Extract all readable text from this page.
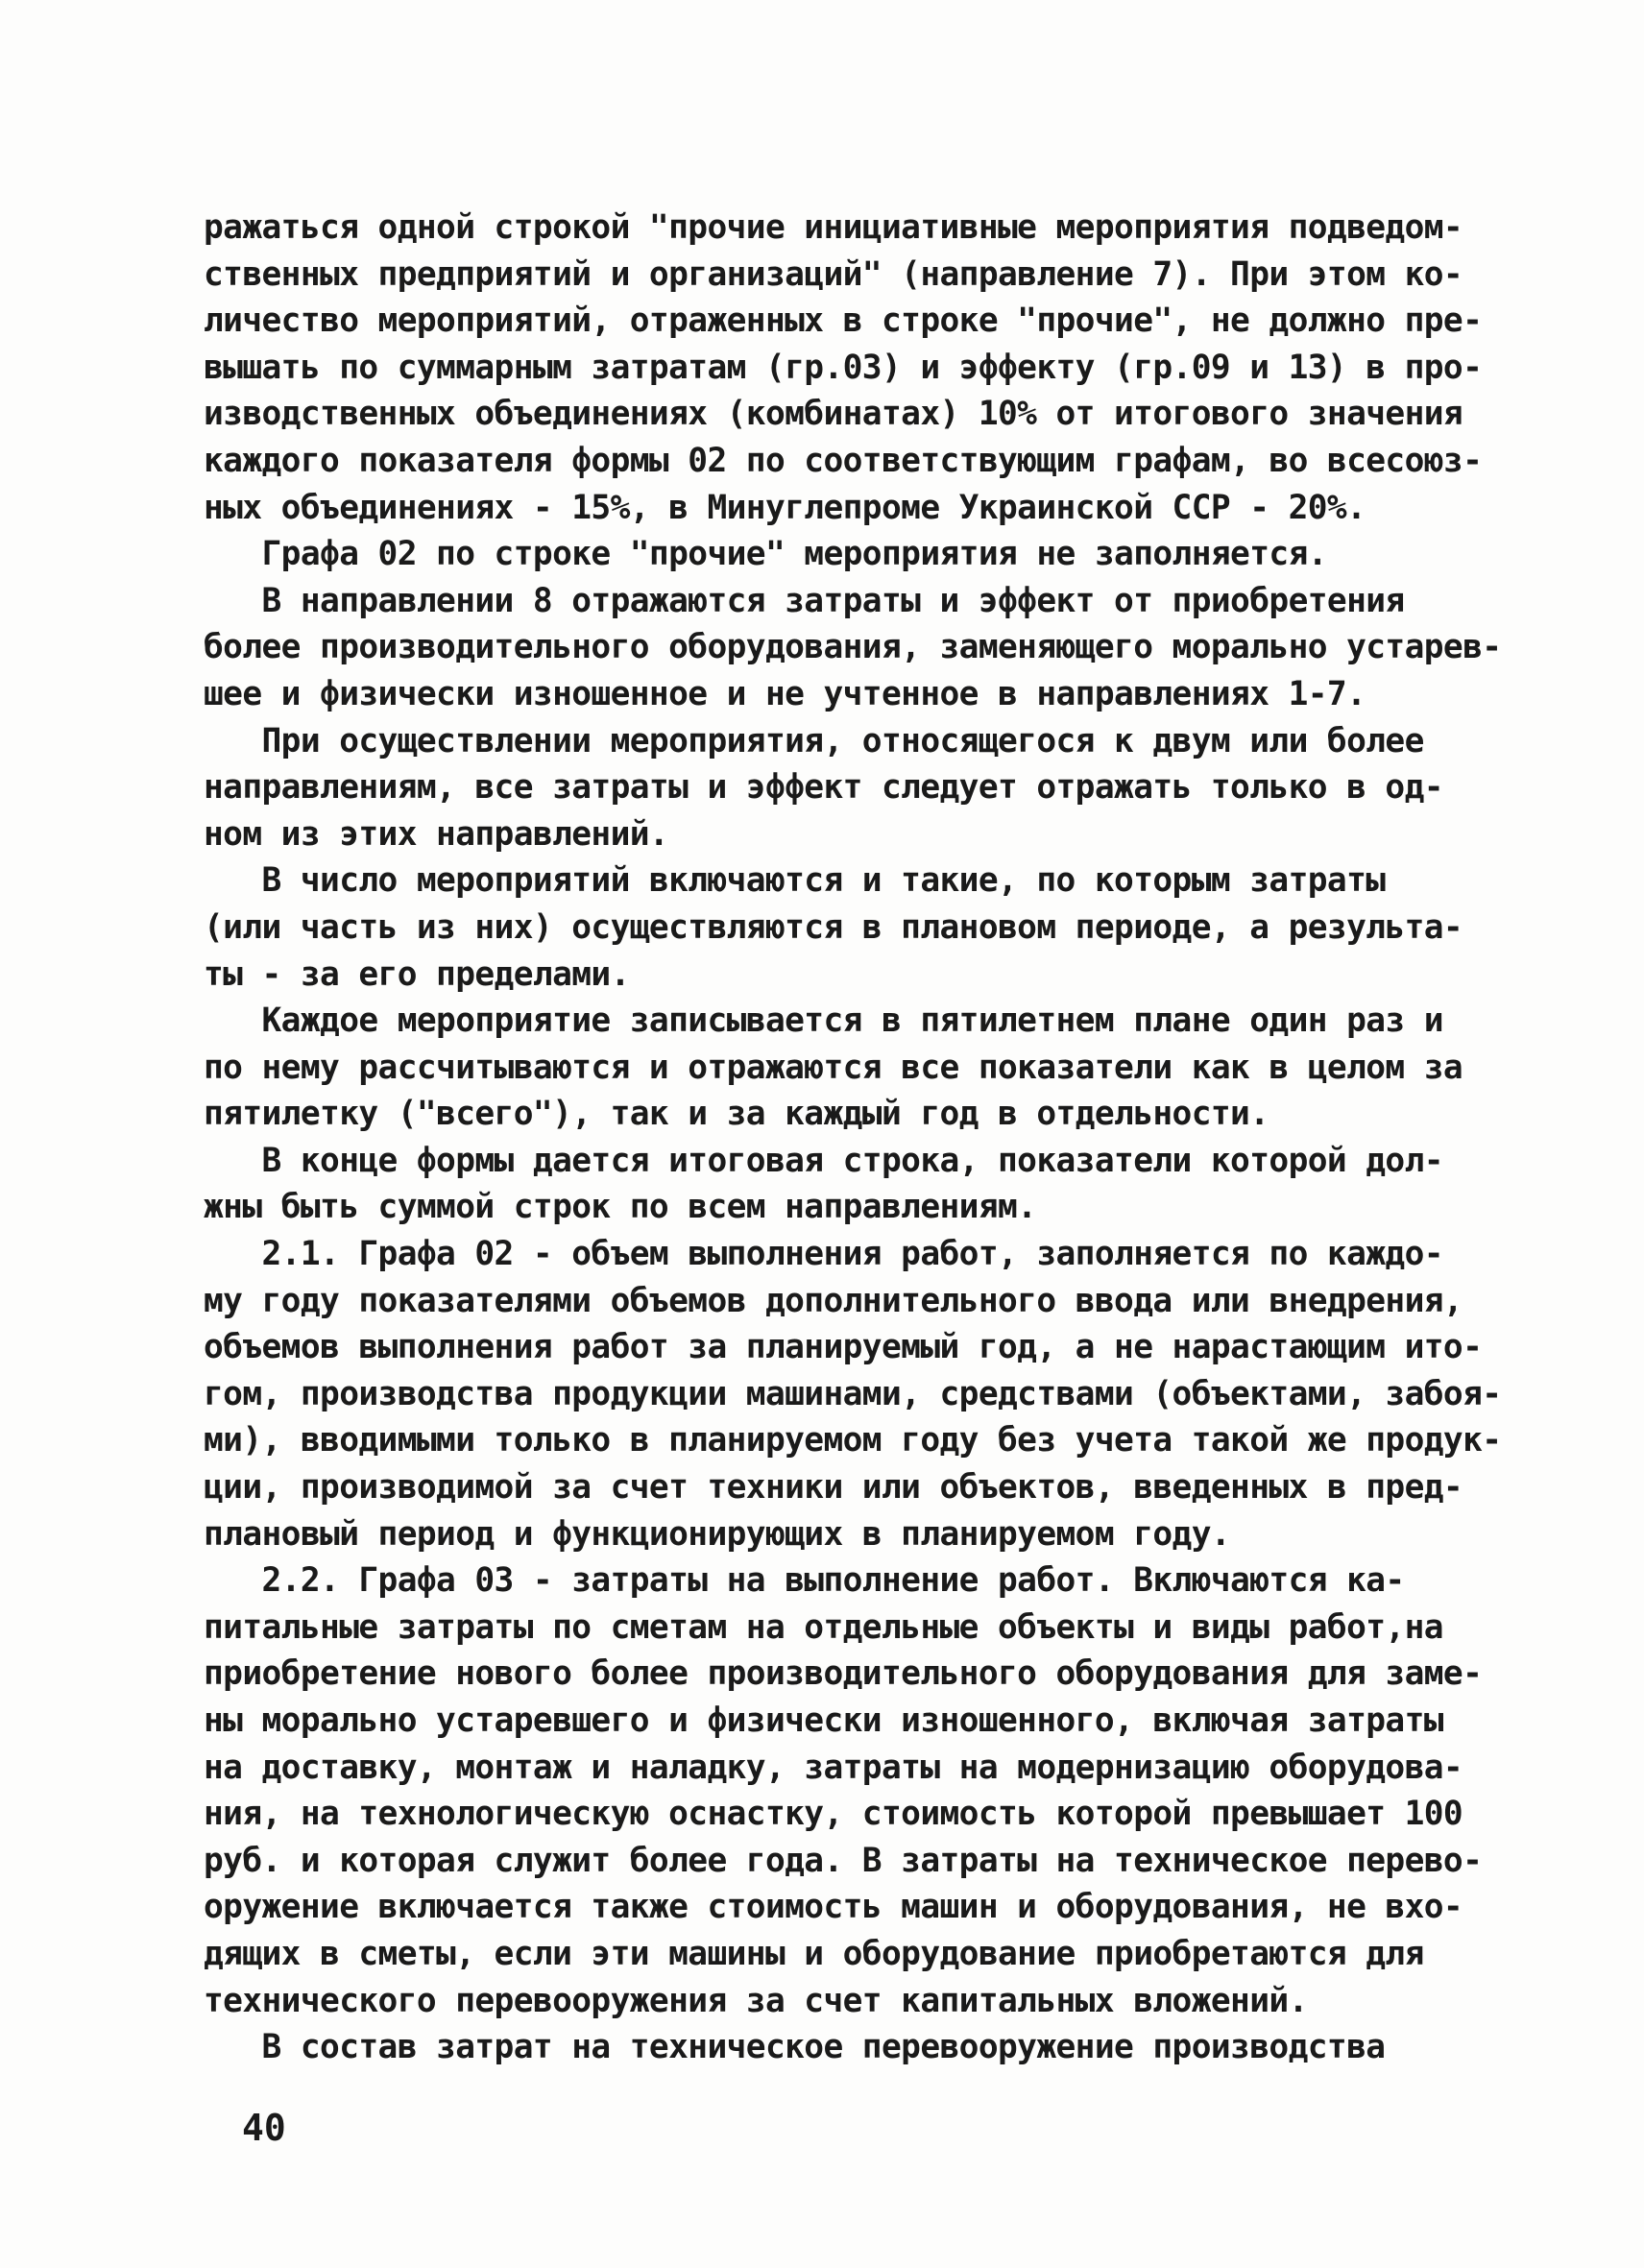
ражаться одной строкой "прочие инициативные мероприятия подведом-
ственных предприятий и организаций" (направление 7). При этом ко-
личество мероприятий, отраженных в строке "прочие", не должно пре-
вышать по суммарным затратам (гр.03) и эффекту (гр.09 и 13) в про-
изводственных объединениях (комбинатах) 10% от итогового значения
каждого показателя формы 02 по соответствующим графам, во всесоюз-
ных объединениях - 15%, в Минуглепроме Украинской ССР - 20%.
Графа 02 по строке "прочие" мероприятия не заполняется.
В направлении 8 отражаются затраты и эффект от приобретения
более производительного оборудования, заменяющего морально устарев-
шее и физически изношенное и не учтенное в направлениях 1-7.
При осуществлении мероприятия, относящегося к двум или более
направлениям, все затраты и эффект следует отражать только в од-
ном из этих направлений.
В число мероприятий включаются и такие, по которым затраты
(или часть из них) осуществляются в плановом периоде, а результа-
ты - за его пределами.
Каждое мероприятие записывается в пятилетнем плане один раз и
по нему рассчитываются и отражаются все показатели как в целом за
пятилетку ("всего"), так и за каждый год в отдельности.
В конце формы дается итоговая строка, показатели которой дол-
жны быть суммой строк по всем направлениям.
2.1. Графа 02 - объем выполнения работ, заполняется по каждо-
му году показателями объемов дополнительного ввода или внедрения,
объемов выполнения работ за планируемый год, а не нарастающим ито-
гом, производства продукции машинами, средствами (объектами, забоя-
ми), вводимыми только в планируемом году без учета такой же продук-
ции, производимой за счет техники или объектов, введенных в пред-
плановый период и функционирующих в планируемом году.
2.2. Графа 03 - затраты на выполнение работ. Включаются ка-
питальные затраты по сметам на отдельные объекты и виды работ,на
приобретение нового более производительного оборудования для заме-
ны морально устаревшего и физически изношенного, включая затраты
на доставку, монтаж и наладку, затраты на модернизацию оборудова-
ния, на технологическую оснастку, стоимость которой превышает 100
руб. и которая служит более года. В затраты на техническое перево-
оружение включается также стоимость машин и оборудования, не вхо-
дящих в сметы, если эти машины и оборудование приобретаются для
технического перевооружения за счет капитальных вложений.
В состав затрат на техническое перевооружение производства
40
